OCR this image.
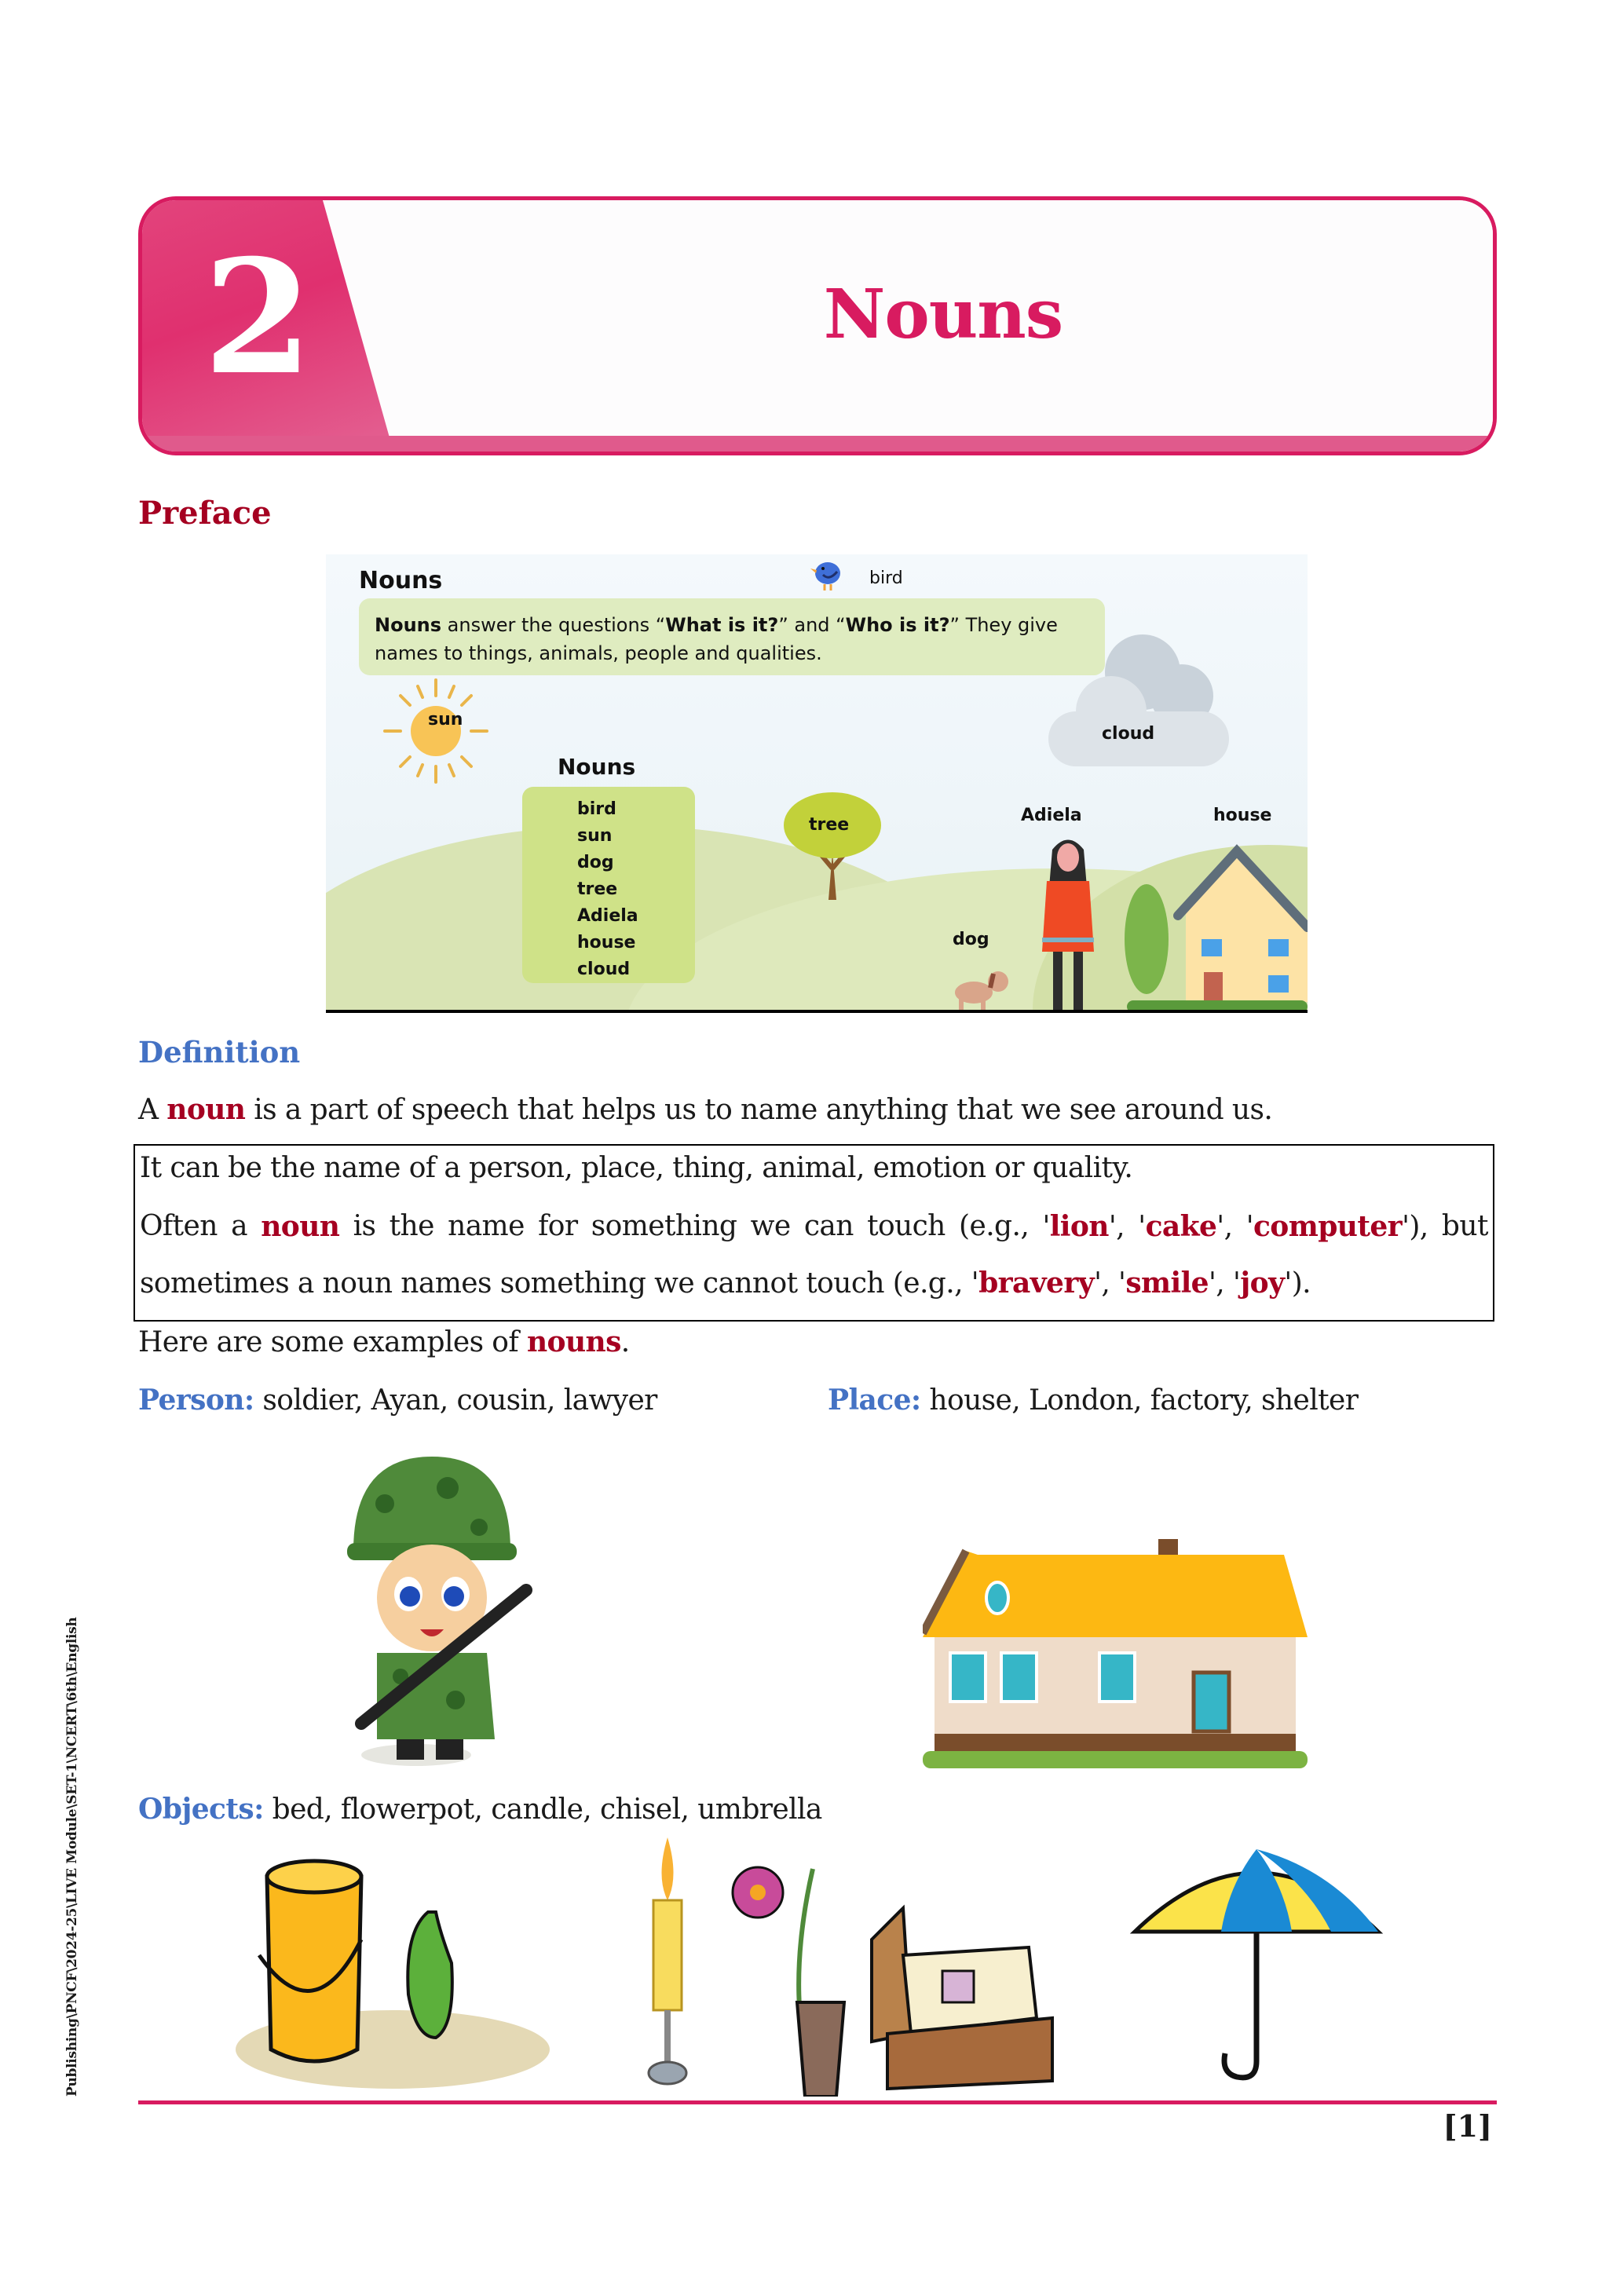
2	Nouns
Preface
Nouns	bird
Nouns answer the questions “What is it?” and “Who is it?” They give names to things, animals, people and qualities.
sun
cloud
Nouns
bird
sun
dog
tree
Adiela
house
cloud
tree
dog
Adiela	house
Definition
A noun is a part of speech that helps us to name anything that we see around us.
It can be the name of a person, place, thing, animal, emotion or quality.
Often a noun is the name for something we can touch (e.g., 'lion', 'cake', 'computer'), but
sometimes a noun names something we cannot touch (e.g., 'bravery', 'smile', 'joy').
Here are some examples of nouns.
Person: soldier, Ayan, cousin, lawyer	Place: house, London, factory, shelter
Objects: bed, flowerpot, candle, chisel, umbrella
[1]
Publishing\PNCF\2024-25\LIVE Module\SET-1\NCERT\6th\English
